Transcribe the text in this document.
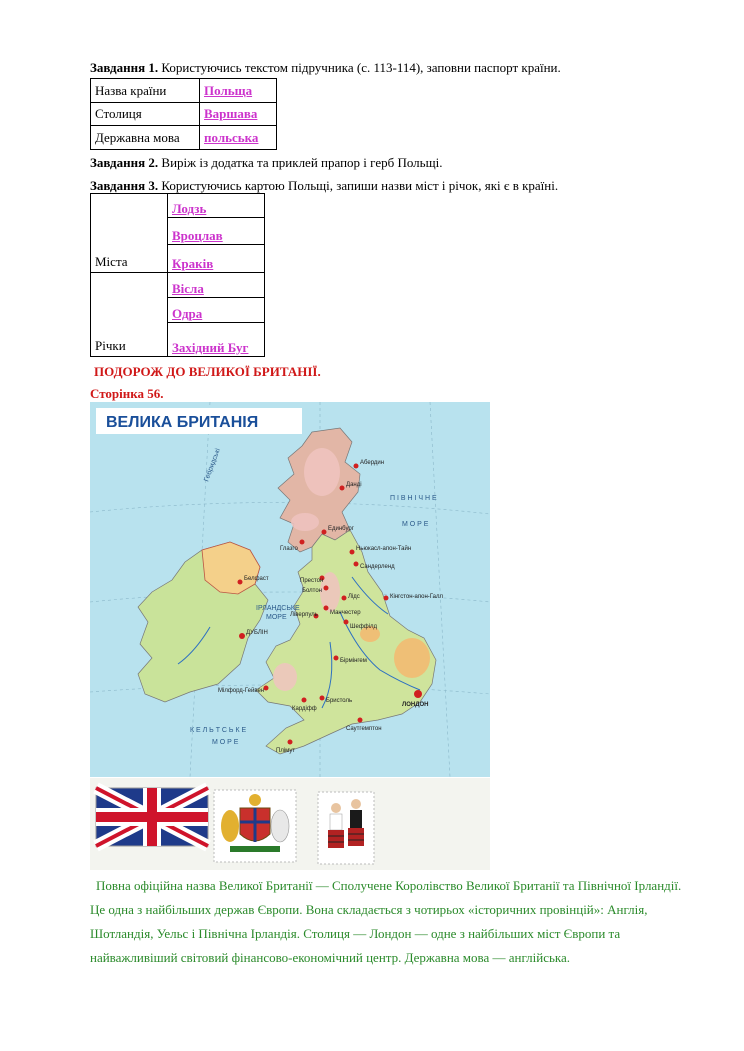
Завдання 1. Користуючись текстом підручника (с. 113-114), заповни паспорт країни.
Назва країни	Польща
Столиця	Варшава
Державна мова	польська
Завдання 2. Виріж із додатка та приклей прапор і герб Польщі.
Завдання 3. Користуючись картою Польщі, запиши назви міст і річок, які є в країні.
Міста	Лодзь
	Вроцлав
	Краків
Річки	Вісла
	Одра
	Західний Буг
ПОДОРОЖ ДО ВЕЛИКОЇ БРИТАНІЇ.
Сторінка 56.
ВЕЛИКА БРИТАНІЯ
П І В Н І Ч Н Е
М О Р Е
ІРЛАНДСЬКЕ
МОРЕ
К Е Л Ь Т С Ь К Е
М О Р Е
Гебридські
Единбург
Глазго
Белфаст
ДУБЛІН
Ньюкасл-апон-Тайн
Сандерленд
Лідс
Манчестер
Ліверпуль
Шеффілд
Бірмінгем
Кардіфф
Бристоль
ЛОНДОН
Кінгстон-апон-Галл
Плімут
Саутгемптон
Престон
Болтон
Данді
Абердин
Мілфорд-Гейвен
Повна офіційна назва Великої Британії — Сполучене Королівство Великої Британії та Північної Ірландії.
Це одна з найбільших держав Європи. Вона складається з чотирьох «історичних провінцій»: Англія,
Шотландія, Уельс і Північна Ірландія. Столиця — Лондон — одне з найбільших міст Європи та
найважливіший світовий фінансово-економічний центр. Державна мова — англійська.
